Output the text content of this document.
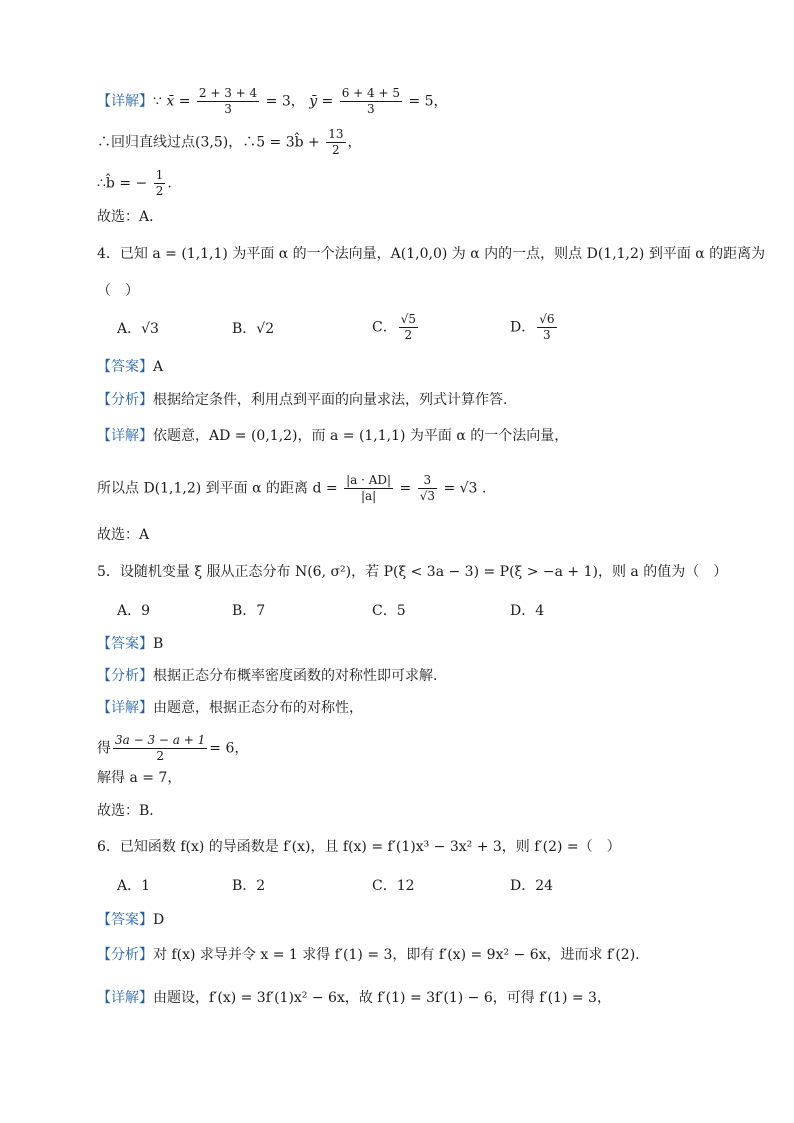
【详解】∵ x̄ = $\frac{2 + 3 + 4}{3} = 3$， ȳ = $\frac{6 + 4 + 5}{3} = 5$，
∴回归直线过点(3,5)，∴5 = 3b̂ + $\frac{13}{2}$ ，
∴b̂ = − $\frac{1}{2}$ .
故选：A．
4．已知 a = (1,1,1) 为平面 α 的一个法向量，A(1,0,0) 为 α 内的一点，则点 D(1,1,2) 到平面 α 的距离为
（　）
A．√3	B．√2	C． $\frac{√5}{2}$	D． $\frac{√6}{3}$
【答案】A
【分析】根据给定条件，利用点到平面的向量求法，列式计算作答.
【详解】依题意，AD = (0,1,2)，而 a = (1,1,1) 为平面 α 的一个法向量，
所以点 D(1,1,2) 到平面 α 的距离 $d = \frac{|a \cdot AD|}{|a|} = \frac{3}{√3} = √3$ .
故选：A
5．设随机变量 ξ 服从正态分布 N(6, σ²)，若 P(ξ < 3a − 3) = P(ξ > −a + 1)，则 a 的值为（　）
A．9	B．7	C．5	D．4
【答案】B
【分析】根据正态分布概率密度函数的对称性即可求解.
【详解】由题意，根据正态分布的对称性，
得 $\frac{3a - 3 - a + 1}{2} = 6$，
解得 a = 7，
故选：B．
6．已知函数 f(x) 的导函数是 f′(x)，且 f(x) = f′(1)x³ − 3x² + 3，则 f′(2) =（　）
A．1	B．2	C．12	D．24
【答案】D
【分析】对 f(x) 求导并令 x = 1 求得 f′(1) = 3，即有 f′(x) = 9x² − 6x，进而求 f′(2).
【详解】由题设，f′(x) = 3f′(1)x² − 6x，故 f′(1) = 3f′(1) − 6，可得 f′(1) = 3，
